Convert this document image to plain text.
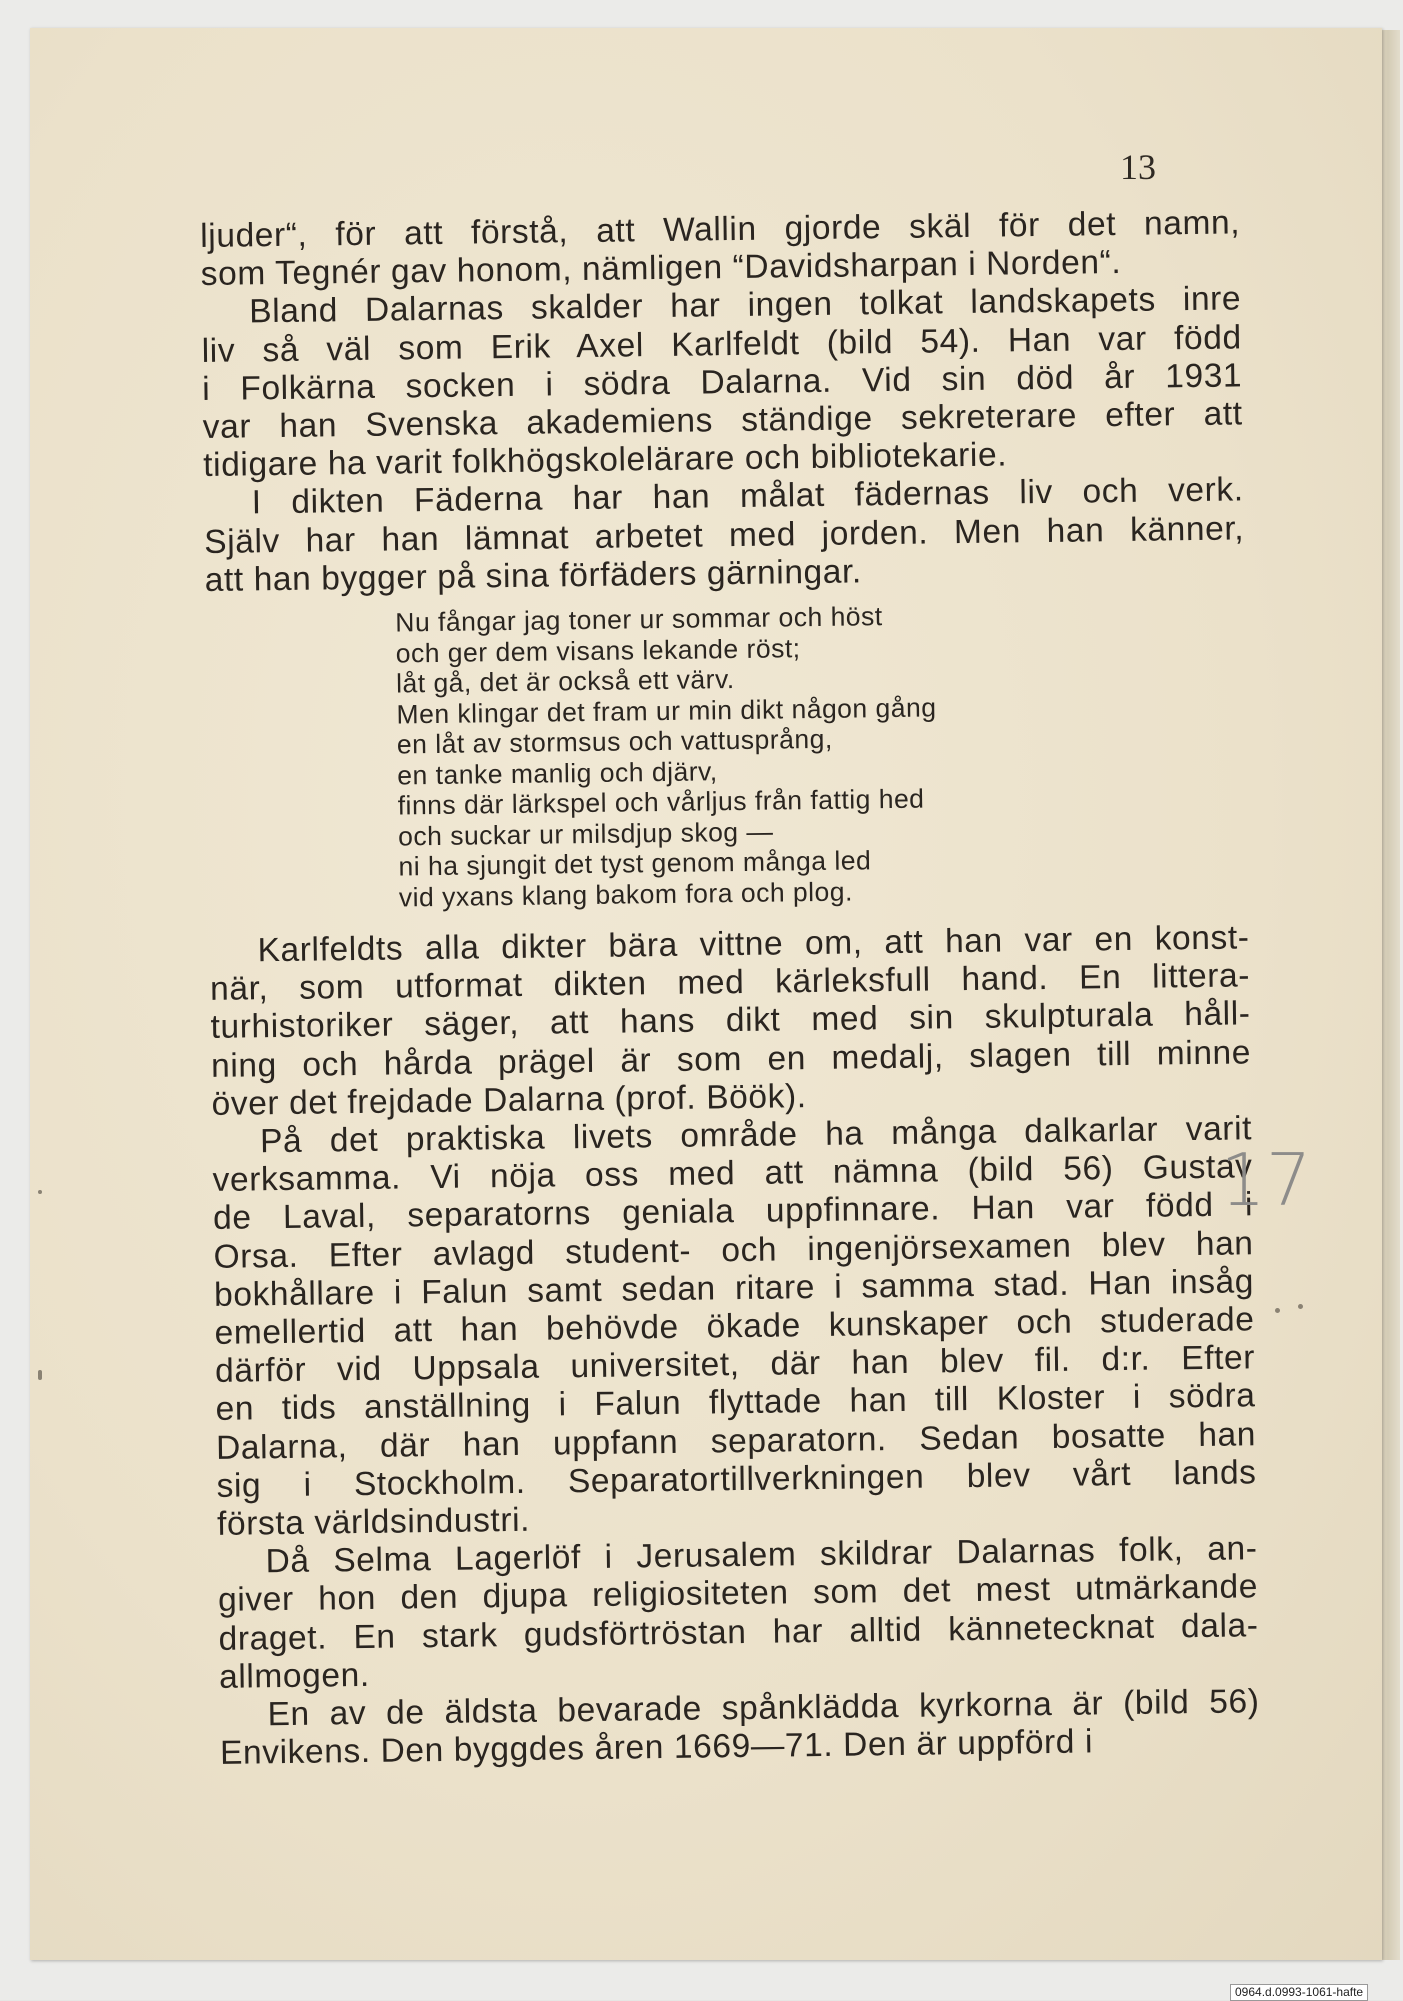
13
ljuder“, för att förstå, att Wallin gjorde skäl för det namn,
som Tegnér gav honom, nämligen “Davidsharpan i Norden“.
Bland Dalarnas skalder har ingen tolkat landskapets inre
liv så väl som Erik Axel Karlfeldt (bild 54). Han var född
i Folkärna socken i södra Dalarna. Vid sin död år 1931
var han Svenska akademiens ständige sekreterare efter att
tidigare ha varit folkhögskolelärare och bibliotekarie.
I dikten Fäderna har han målat fädernas liv och verk.
Själv har han lämnat arbetet med jorden. Men han känner,
att han bygger på sina förfäders gärningar.
Nu fångar jag toner ur sommar och höst
och ger dem visans lekande röst;
låt gå, det är också ett värv.
Men klingar det fram ur min dikt någon gång
en låt av stormsus och vattusprång,
en tanke manlig och djärv,
finns där lärkspel och vårljus från fattig hed
och suckar ur milsdjup skog —
ni ha sjungit det tyst genom många led
vid yxans klang bakom fora och plog.
Karlfeldts alla dikter bära vittne om, att han var en konst-
när, som utformat dikten med kärleksfull hand. En littera-
turhistoriker säger, att hans dikt med sin skulpturala håll-
ning och hårda prägel är som en medalj, slagen till minne
över det frejdade Dalarna (prof. Böök).
På det praktiska livets område ha många dalkarlar varit
verksamma. Vi nöja oss med att nämna (bild 56) Gustav
de Laval, separatorns geniala uppfinnare. Han var född i
Orsa. Efter avlagd student- och ingenjörsexamen blev han
bokhållare i Falun samt sedan ritare i samma stad. Han insåg
emellertid att han behövde ökade kunskaper och studerade
därför vid Uppsala universitet, där han blev fil. d:r. Efter
en tids anställning i Falun flyttade han till Kloster i södra
Dalarna, där han uppfann separatorn. Sedan bosatte han
sig i Stockholm. Separatortillverkningen blev vårt lands
första världsindustri.
Då Selma Lagerlöf i Jerusalem skildrar Dalarnas folk, an-
giver hon den djupa religiositeten som det mest utmärkande
draget. En stark gudsförtröstan har alltid kännetecknat dala-
allmogen.
En av de äldsta bevarade spånklädda kyrkorna är (bild 56)
Envikens. Den byggdes åren 1669—71. Den är uppförd i
17
0964.d.0993-1061-hafte
